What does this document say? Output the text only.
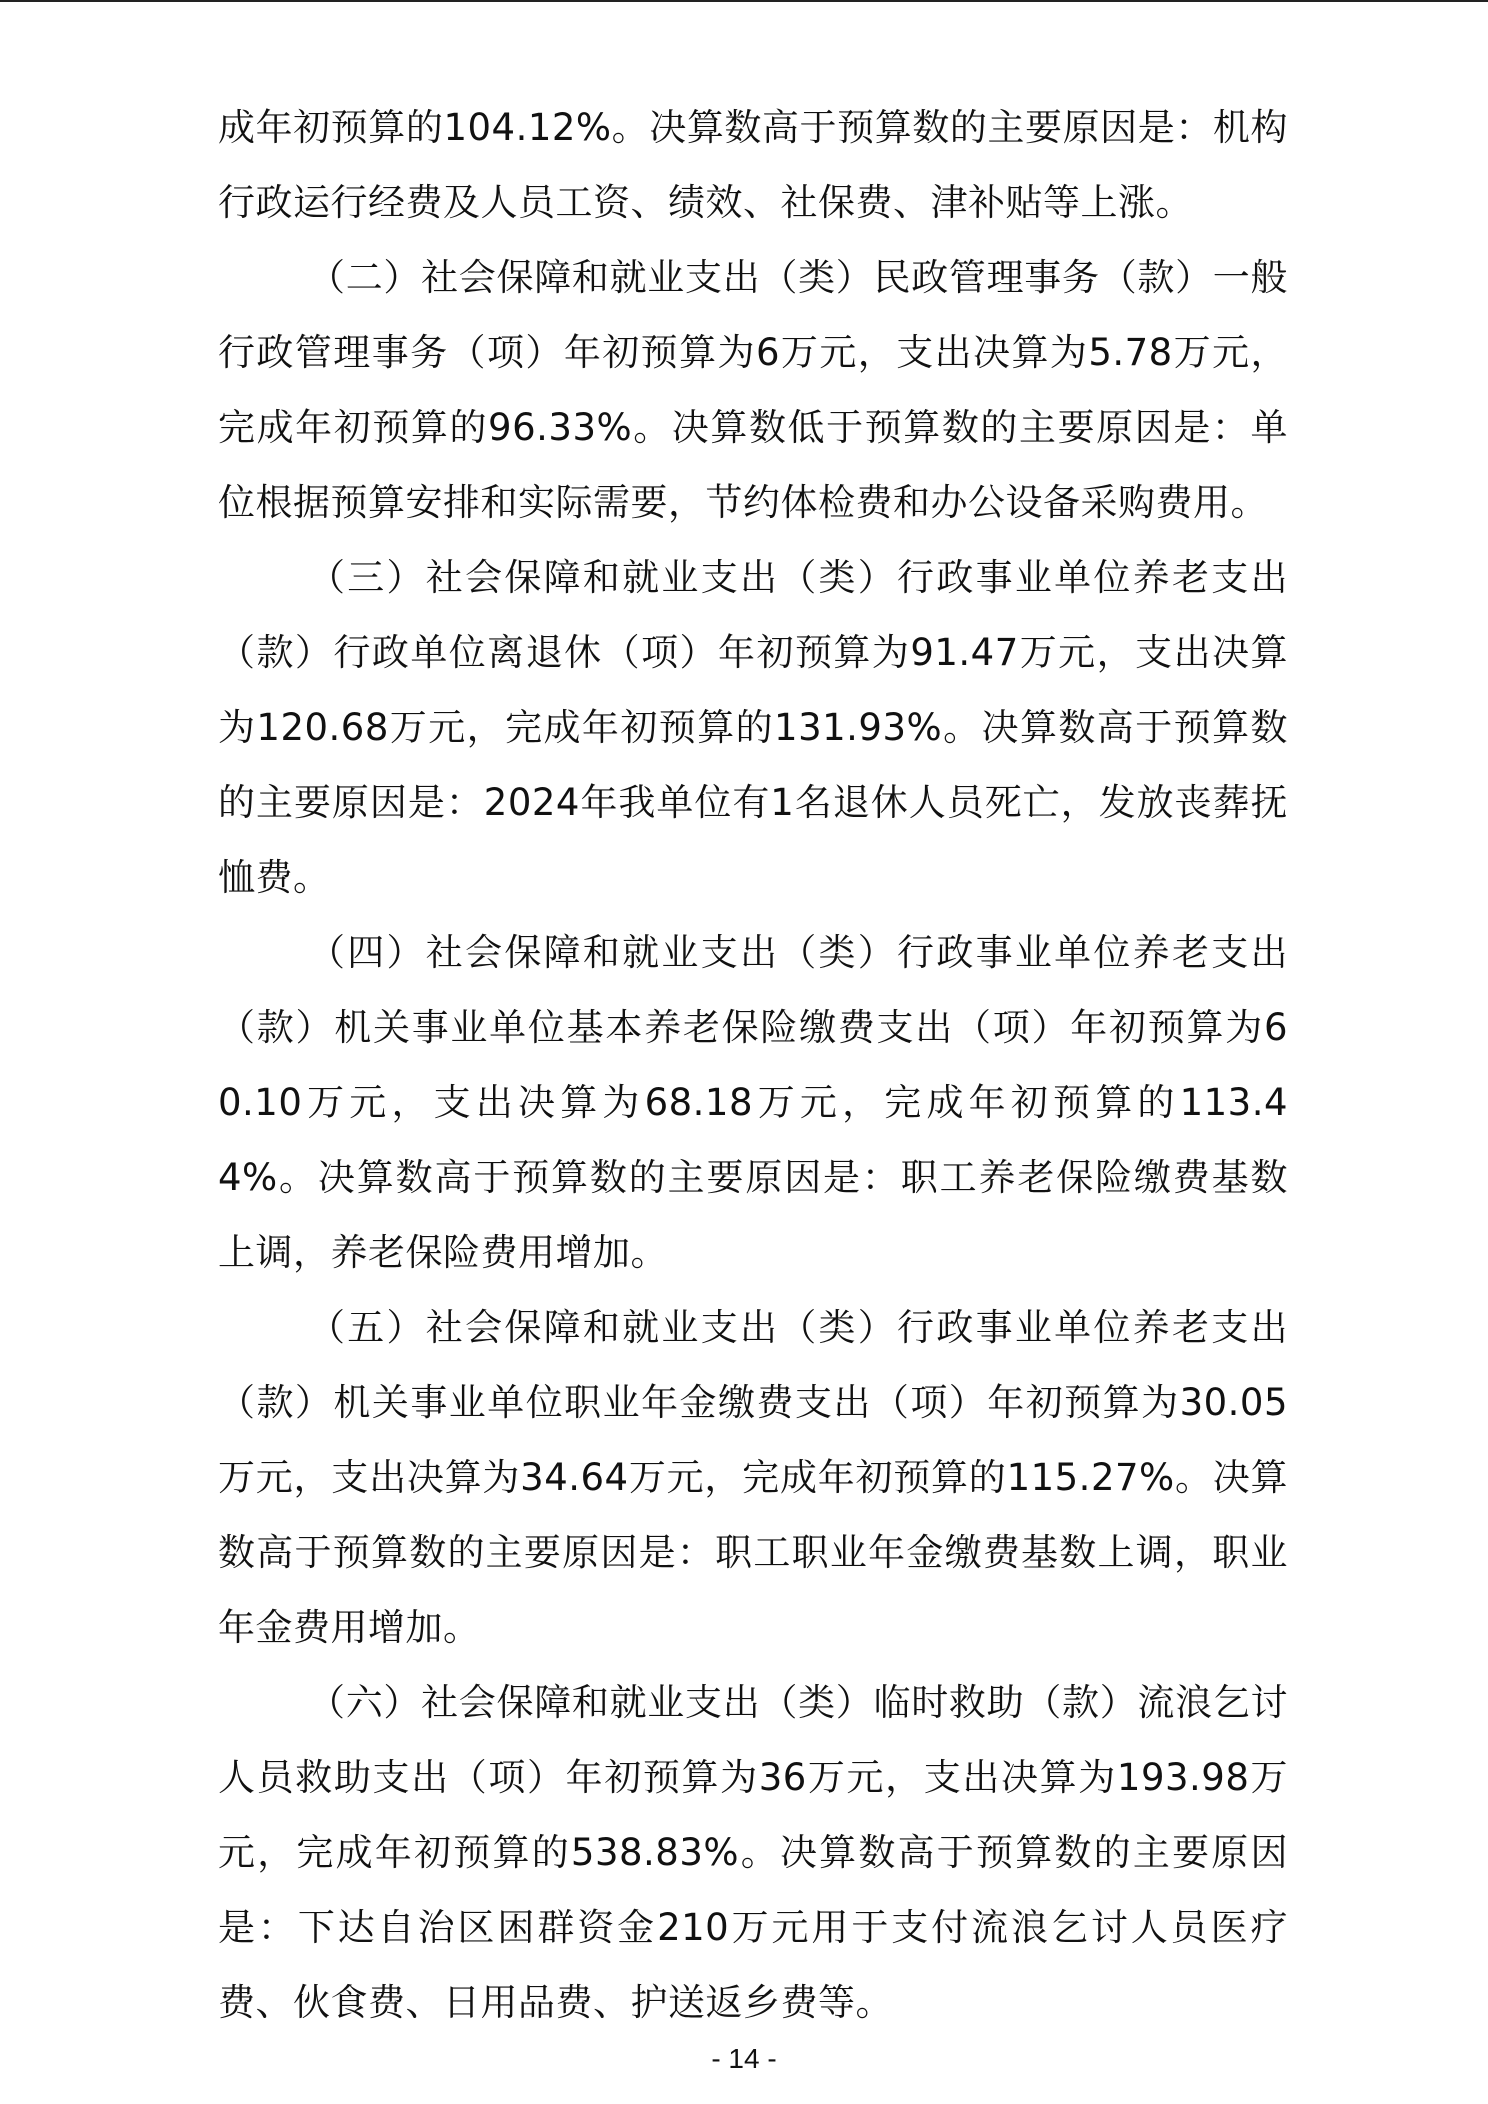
成年初预算的104.12%。决算数高于预算数的主要原因是：机构行政运行经费及人员工资、绩效、社保费、津补贴等上涨。

（二）社会保障和就业支出（类）民政管理事务（款）一般行政管理事务（项）年初预算为6万元，支出决算为5.78万元，完成年初预算的96.33%。决算数低于预算数的主要原因是：单位根据预算安排和实际需要，节约体检费和办公设备采购费用。

（三）社会保障和就业支出（类）行政事业单位养老支出（款）行政单位离退休（项）年初预算为91.47万元，支出决算为120.68万元，完成年初预算的131.93%。决算数高于预算数的主要原因是：2024年我单位有1名退休人员死亡，发放丧葬抚恤费。

（四）社会保障和就业支出（类）行政事业单位养老支出（款）机关事业单位基本养老保险缴费支出（项）年初预算为60.10万元，支出决算为68.18万元，完成年初预算的113.44%。决算数高于预算数的主要原因是：职工养老保险缴费基数上调，养老保险费用增加。

（五）社会保障和就业支出（类）行政事业单位养老支出（款）机关事业单位职业年金缴费支出（项）年初预算为30.05万元，支出决算为34.64万元，完成年初预算的115.27%。决算数高于预算数的主要原因是：职工职业年金缴费基数上调，职业年金费用增加。

（六）社会保障和就业支出（类）临时救助（款）流浪乞讨人员救助支出（项）年初预算为36万元，支出决算为193.98万元，完成年初预算的538.83%。决算数高于预算数的主要原因是：下达自治区困群资金210万元用于支付流浪乞讨人员医疗费、伙食费、日用品费、护送返乡费等。

- 14 -
